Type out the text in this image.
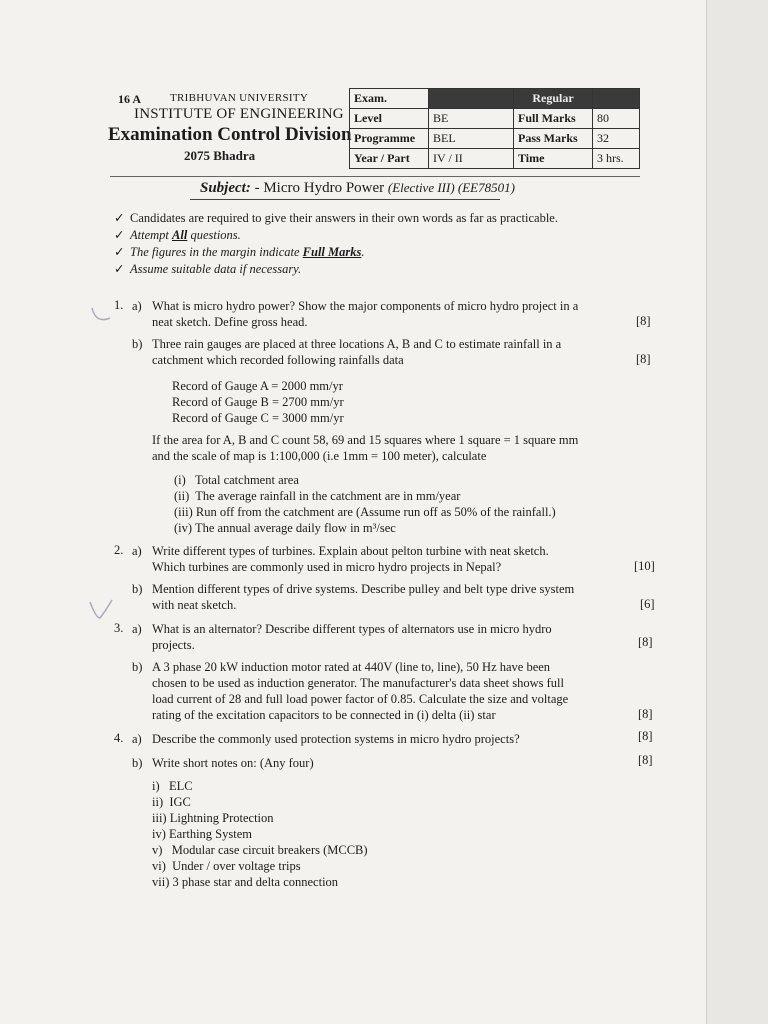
16 A	TRIBHUVAN UNIVERSITY
INSTITUTE OF ENGINEERING
Examination Control Division
2075 Bhadra
Exam.		Regular	
Level	BE	Full Marks	80
Programme	BEL	Pass Marks	32
Year / Part	IV / II	Time	3 hrs.
Subject: - Micro Hydro Power (Elective III) (EE78501)
✓ Candidates are required to give their answers in their own words as far as practicable.
✓ Attempt All questions.
✓ The figures in the margin indicate Full Marks.
✓ Assume suitable data if necessary.
1. a) What is micro hydro power? Show the major components of micro hydro project in a
neat sketch. Define gross head.	[8]
b) Three rain gauges are placed at three locations A, B and C to estimate rainfall in a
catchment which recorded following rainfalls data	[8]
Record of Gauge A = 2000 mm/yr
Record of Gauge B = 2700 mm/yr
Record of Gauge C = 3000 mm/yr
If the area for A, B and C count 58, 69 and 15 squares where 1 square = 1 square mm
and the scale of map is 1:100,000 (i.e 1mm = 100 meter), calculate
(i)   Total catchment area
(ii)  The average rainfall in the catchment are in mm/year
(iii) Run off from the catchment are (Assume run off as 50% of the rainfall.)
(iv) The annual average daily flow in m³/sec
2. a) Write different types of turbines. Explain about pelton turbine with neat sketch.
Which turbines are commonly used in micro hydro projects in Nepal?	[10]
b) Mention different types of drive systems. Describe pulley and belt type drive system
with neat sketch.	[6]
3. a) What is an alternator? Describe different types of alternators use in micro hydro
projects.	[8]
b) A 3 phase 20 kW induction motor rated at 440V (line to, line), 50 Hz have been
chosen to be used as induction generator. The manufacturer's data sheet shows full
load current of 28 and full load power factor of 0.85. Calculate the size and voltage
rating of the excitation capacitors to be connected in (i) delta (ii) star	[8]
4. a) Describe the commonly used protection systems in micro hydro projects?	[8]
b) Write short notes on: (Any four)	[8]
i)   ELC
ii)  IGC
iii) Lightning Protection
iv) Earthing System
v)   Modular case circuit breakers (MCCB)
vi)  Under / over voltage trips
vii) 3 phase star and delta connection
